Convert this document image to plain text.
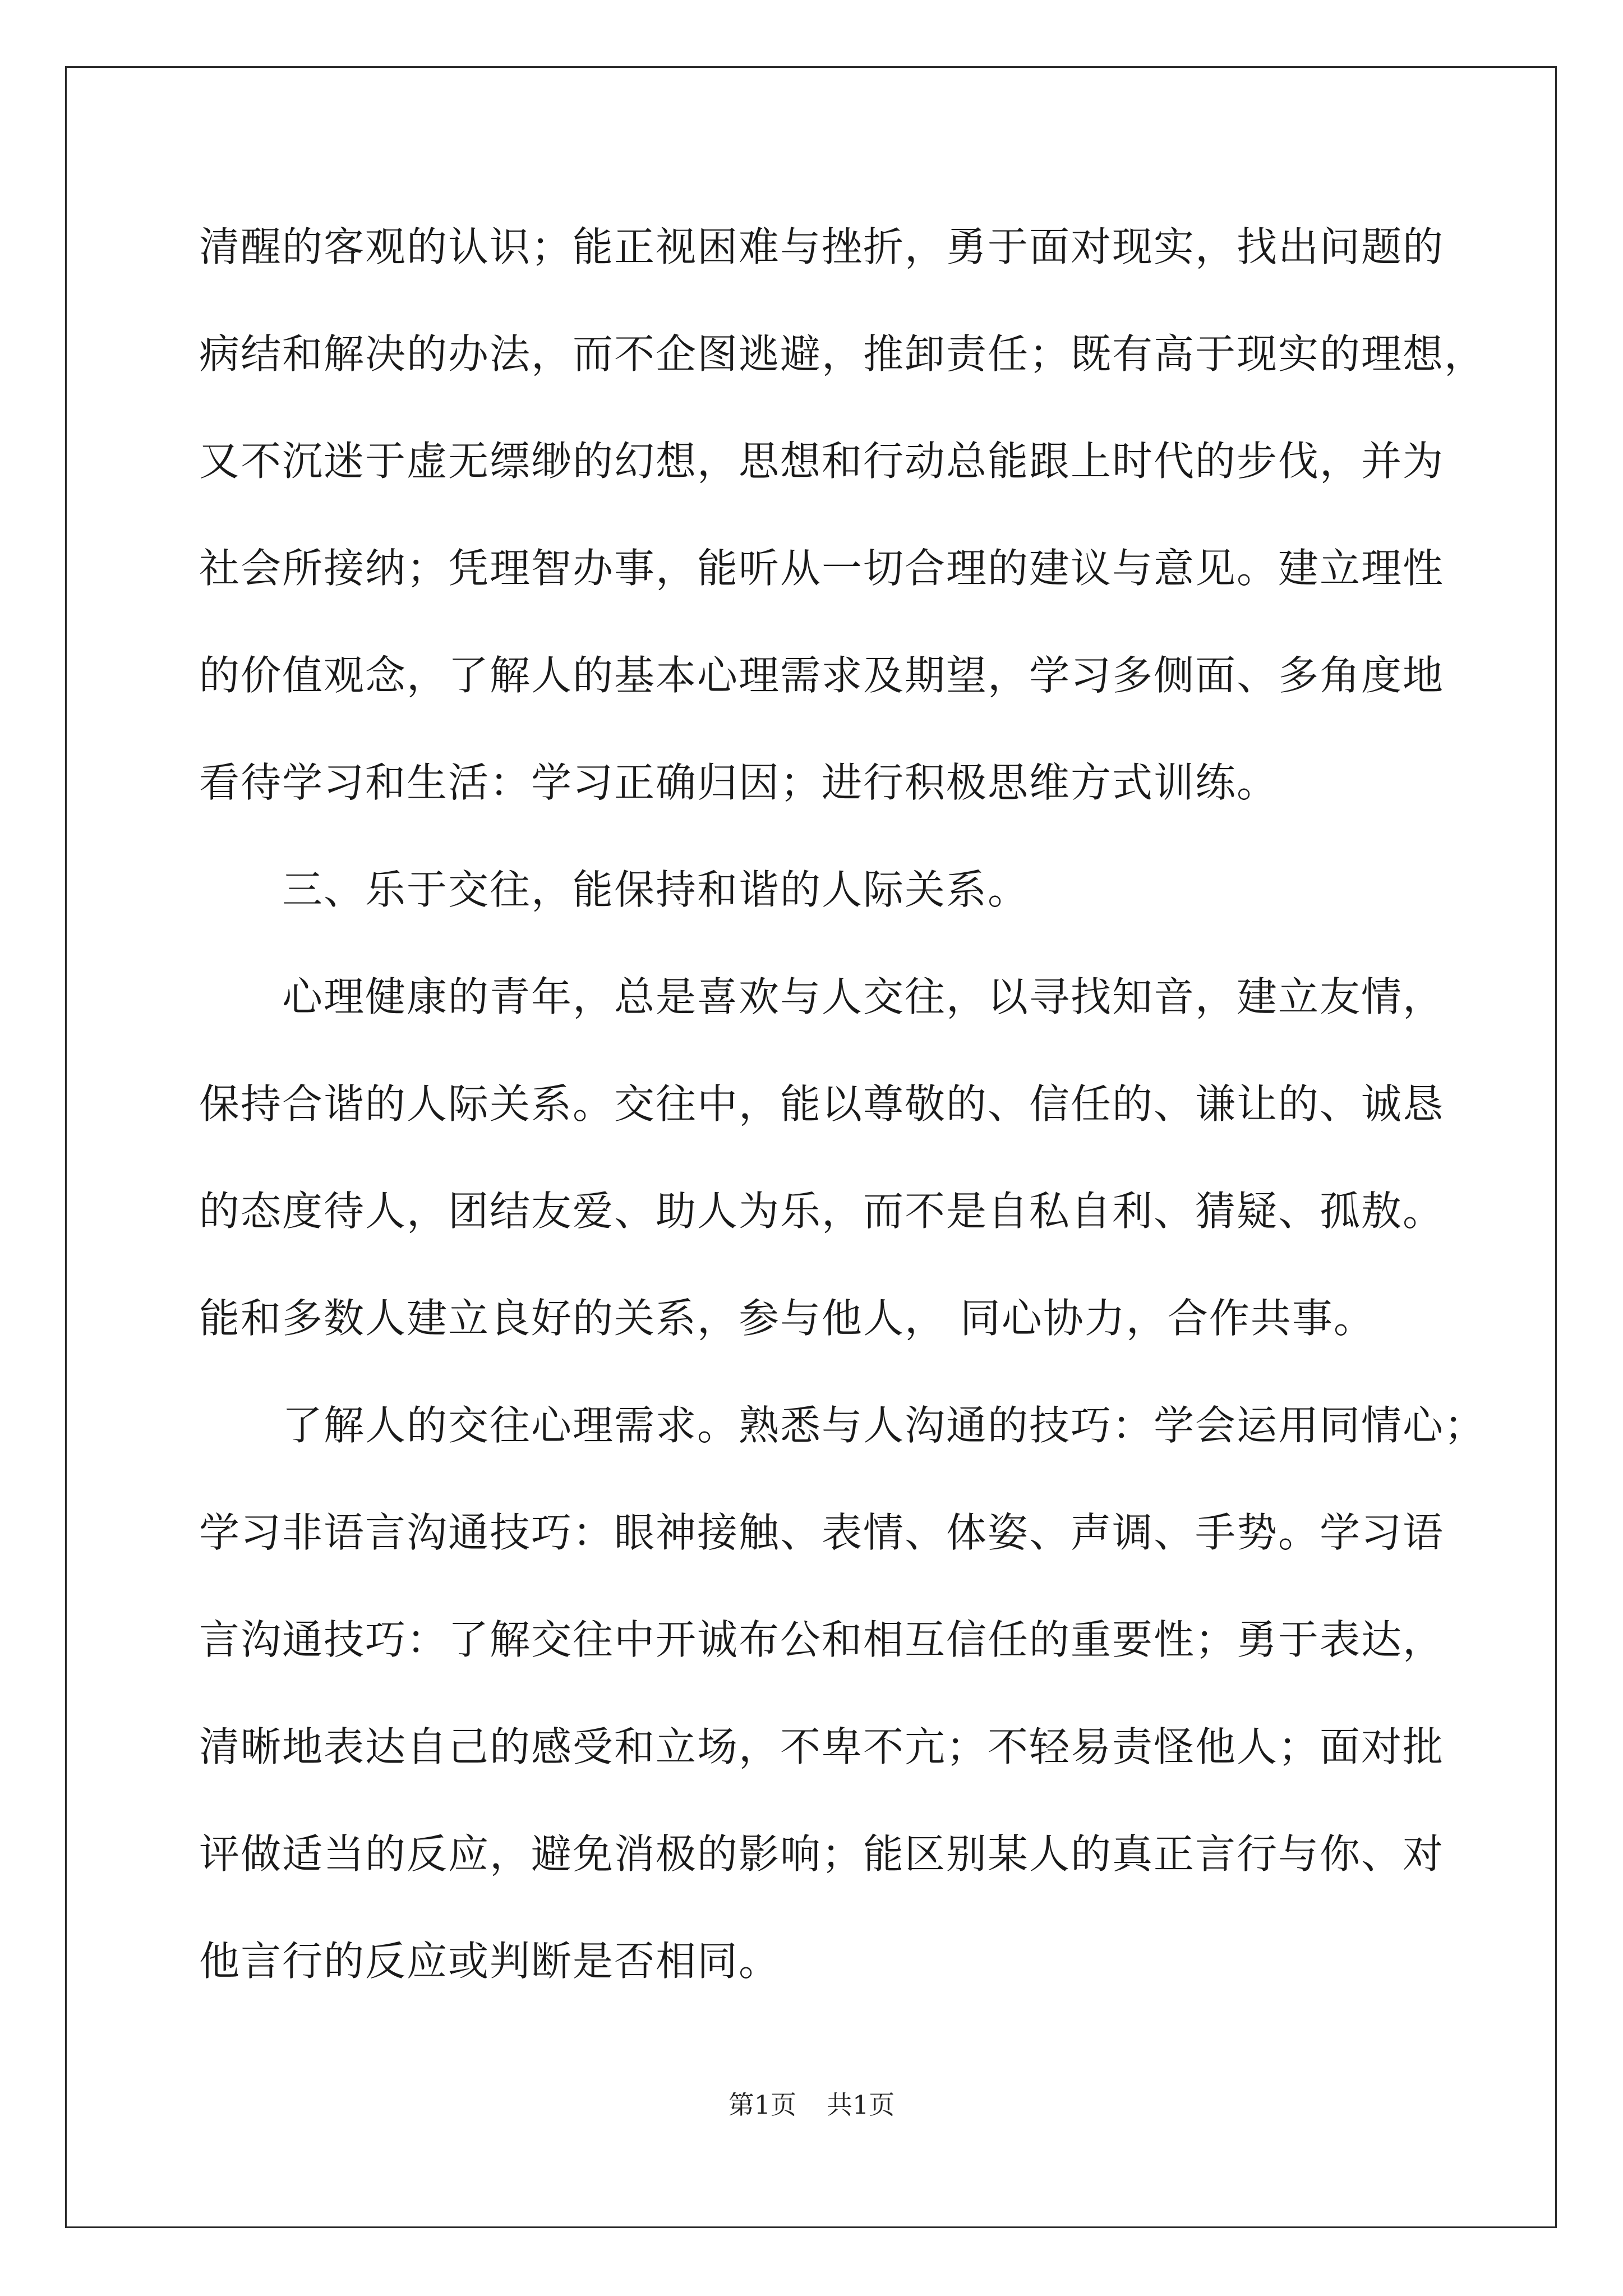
清醒的客观的认识；能正视困难与挫折，勇于面对现实，找出问题的
病结和解决的办法，而不企图逃避，推卸责任；既有高于现实的理想，
又不沉迷于虚无缥缈的幻想，思想和行动总能跟上时代的步伐，并为
社会所接纳；凭理智办事，能听从一切合理的建议与意见。建立理性
的价值观念，了解人的基本心理需求及期望，学习多侧面、多角度地
看待学习和生活：学习正确归因；进行积极思维方式训练。
三、乐于交往，能保持和谐的人际关系。
心理健康的青年，总是喜欢与人交往，以寻找知音，建立友情，
保持合谐的人际关系。交往中，能以尊敬的、信任的、谦让的、诚恳
的态度待人，团结友爱、助人为乐，而不是自私自利、猜疑、孤敖。
能和多数人建立良好的关系，参与他人， 同心协力，合作共事。
了解人的交往心理需求。熟悉与人沟通的技巧：学会运用同情心；
学习非语言沟通技巧：眼神接触、表情、体姿、声调、手势。学习语
言沟通技巧：了解交往中开诚布公和相互信任的重要性；勇于表达，
清晰地表达自己的感受和立场，不卑不亢；不轻易责怪他人；面对批
评做适当的反应，避免消极的影响；能区别某人的真正言行与你、对
他言行的反应或判断是否相同。
第1页 共1页
